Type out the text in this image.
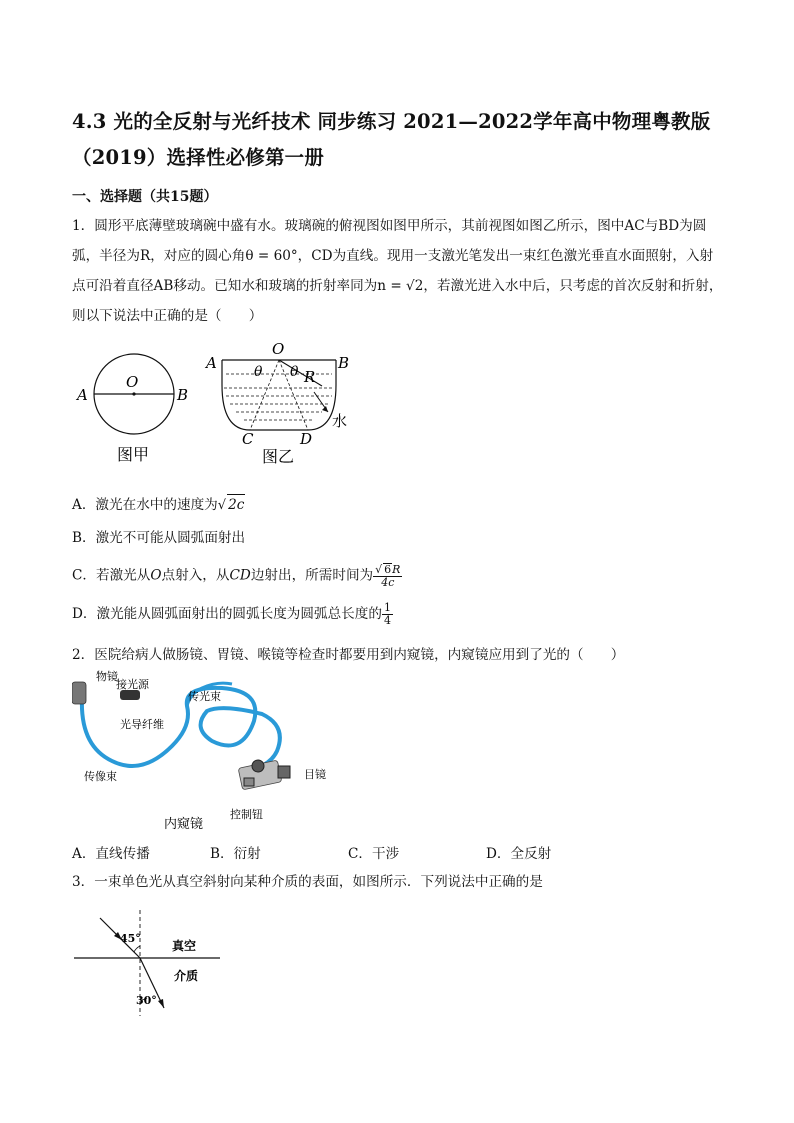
4.3 光的全反射与光纤技术 同步练习 2021—2022学年高中物理粤教版（2019）选择性必修第一册
一、选择题（共15题）
1．圆形平底薄壁玻璃碗中盛有水。玻璃碗的俯视图如图甲所示，其前视图如图乙所示，图中AC与BD为圆弧，半径为R，对应的圆心角θ = 60°，CD为直线。现用一支激光笔发出一束红色激光垂直水面照射，入射点可沿着直径AB移动。已知水和玻璃的折射率同为n = √2，若激光进入水中后，只考虑的首次反射和折射，则以下说法中正确的是（　　）
A	B
O
图甲
O
A	B
θ θ R
水
C	D
图乙
A．激光在水中的速度为√ 2c
B．激光不可能从圆弧面射出
C．若激光从O点射入，从CD边射出，所需时间为 $\frac{√ 6R}{4c}$
D．激光能从圆弧面射出的圆弧长度为圆弧总长度的 $\frac{1}{4}$
2．医院给病人做肠镜、胃镜、喉镜等检查时都要用到内窥镜，内窥镜应用到了光的（　　）
物镜
接光源
传光束
光导纤维
传像束	目镜
控制钮
内窥镜
A．直线传播	B．衍射	C．干涉	D．全反射
3．一束单色光从真空斜射向某种介质的表面，如图所示．下列说法中正确的是
45°
30°
真空
介质
